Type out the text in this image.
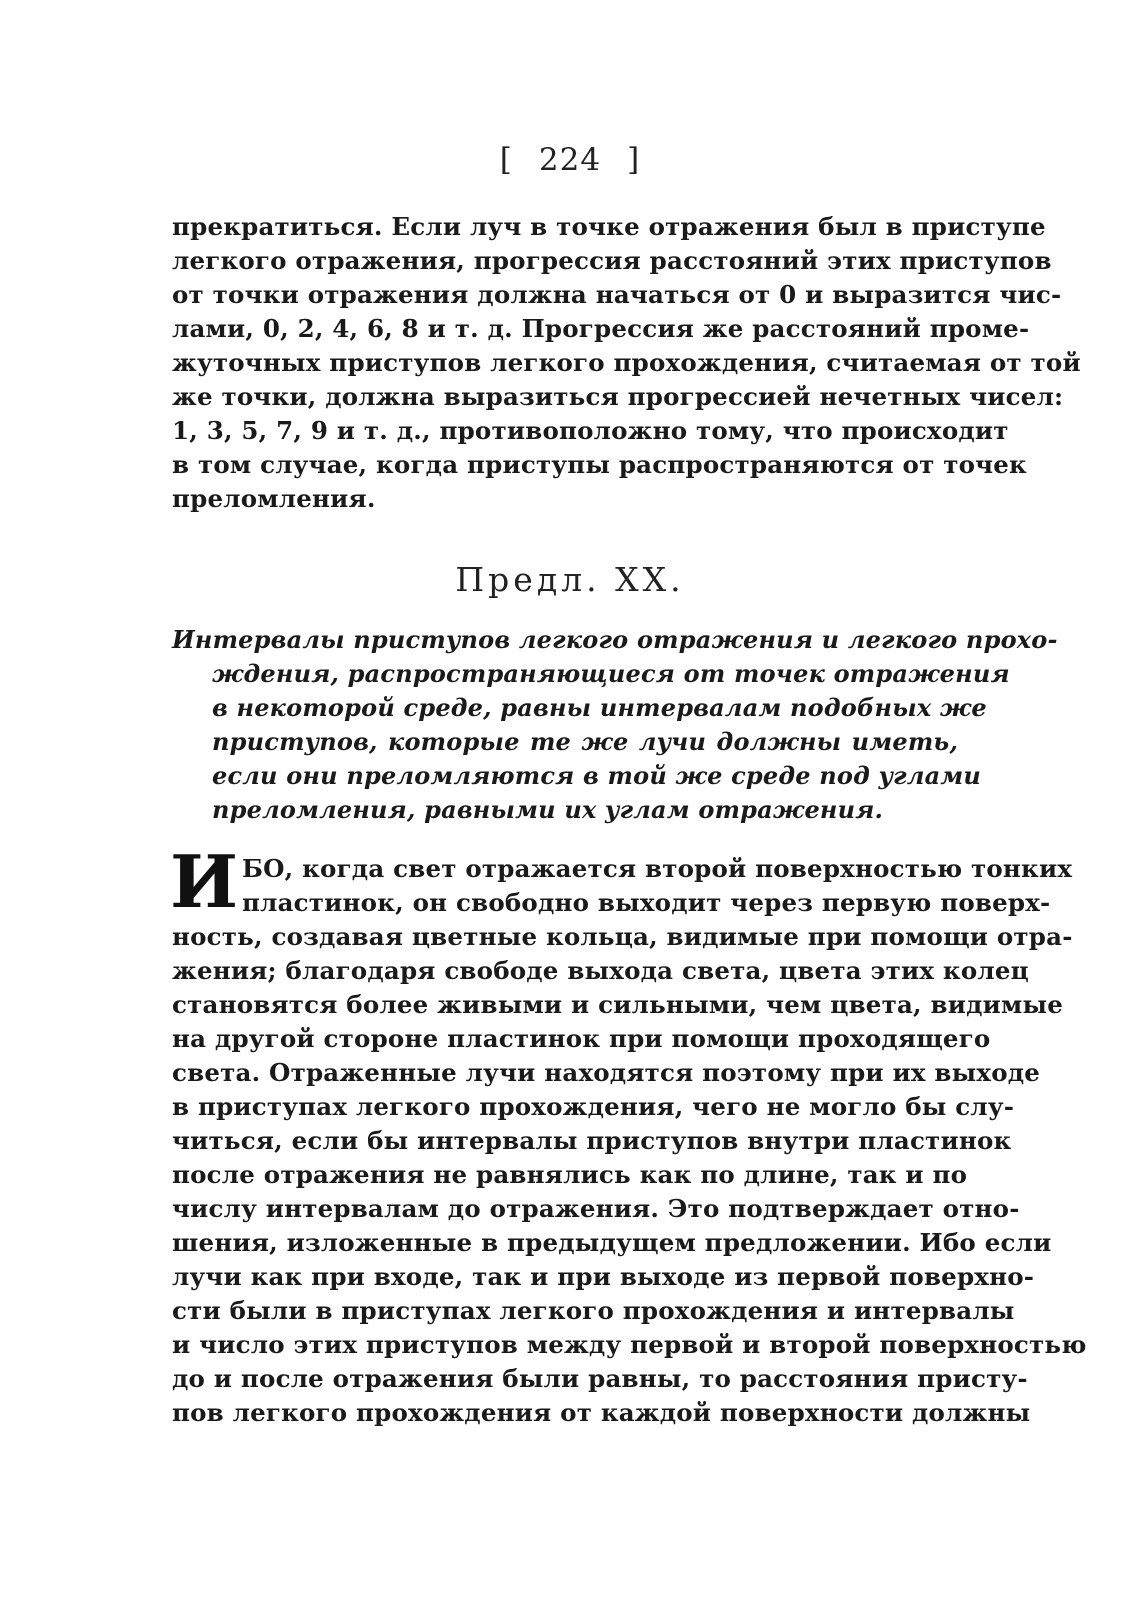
[ 224 ]
прекратиться. Если луч в точке отражения был в приступе
легкого отражения, прогрессия расстояний этих приступов
от точки отражения должна начаться от 0 и выразится чис-
лами, 0, 2, 4, 6, 8 и т. д. Прогрессия же расстояний проме-
жуточных приступов легкого прохождения, считаемая от той
же точки, должна выразиться прогрессией нечетных чисел:
1, 3, 5, 7, 9 и т. д., противоположно тому, что происходит
в том случае, когда приступы распространяются от точек
преломления.
Предл. XX.
Интервалы приступов легкого отражения и легкого прохо-
ждения, распространяющиеся от точек отражения
в некоторой среде, равны интервалам подобных же
приступов, которые те же лучи должны иметь,
если они преломляются в той же среде под углами
преломления, равными их углам отражения.
И БО, когда свет отражается второй поверхностью тонких
пластинок, он свободно выходит через первую поверх-
ность, создавая цветные кольца, видимые при помощи отра-
жения; благодаря свободе выхода света, цвета этих колец
становятся более живыми и сильными, чем цвета, видимые
на другой стороне пластинок при помощи проходящего
света. Отраженные лучи находятся поэтому при их выходе
в приступах легкого прохождения, чего не могло бы слу-
читься, если бы интервалы приступов внутри пластинок
после отражения не равнялись как по длине, так и по
числу интервалам до отражения. Это подтверждает отно-
шения, изложенные в предыдущем предложении. Ибо если
лучи как при входе, так и при выходе из первой поверхно-
сти были в приступах легкого прохождения и интервалы
и число этих приступов между первой и второй поверхностью
до и после отражения были равны, то расстояния присту-
пов легкого прохождения от каждой поверхности должны
